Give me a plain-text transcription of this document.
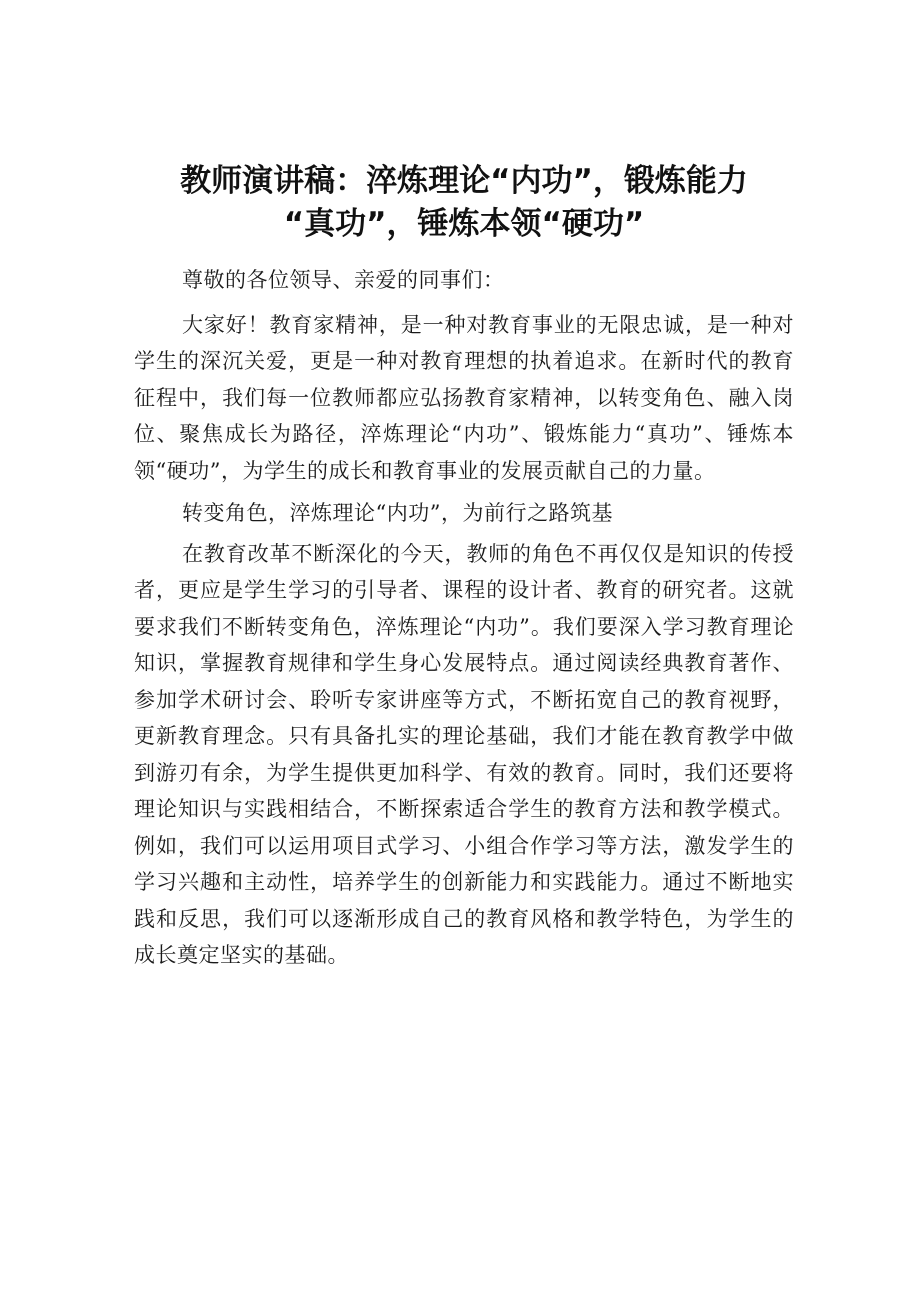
教师演讲稿：淬炼理论“内功”，锻炼能力
“真功”，锤炼本领“硬功”

尊敬的各位领导、亲爱的同事们：

大家好！教育家精神，是一种对教育事业的无限忠诚，是一种对学生的深沉关爱，更是一种对教育理想的执着追求。在新时代的教育征程中，我们每一位教师都应弘扬教育家精神，以转变角色、融入岗位、聚焦成长为路径，淬炼理论“内功”、锻炼能力“真功”、锤炼本领“硬功”，为学生的成长和教育事业的发展贡献自己的力量。

转变角色，淬炼理论“内功”，为前行之路筑基

在教育改革不断深化的今天，教师的角色不再仅仅是知识的传授者，更应是学生学习的引导者、课程的设计者、教育的研究者。这就要求我们不断转变角色，淬炼理论“内功”。我们要深入学习教育理论知识，掌握教育规律和学生身心发展特点。通过阅读经典教育著作、参加学术研讨会、聆听专家讲座等方式，不断拓宽自己的教育视野，更新教育理念。只有具备扎实的理论基础，我们才能在教育教学中做到游刃有余，为学生提供更加科学、有效的教育。同时，我们还要将理论知识与实践相结合，不断探索适合学生的教育方法和教学模式。例如，我们可以运用项目式学习、小组合作学习等方法，激发学生的学习兴趣和主动性，培养学生的创新能力和实践能力。通过不断地实践和反思，我们可以逐渐形成自己的教育风格和教学特色，为学生的成长奠定坚实的基础。
